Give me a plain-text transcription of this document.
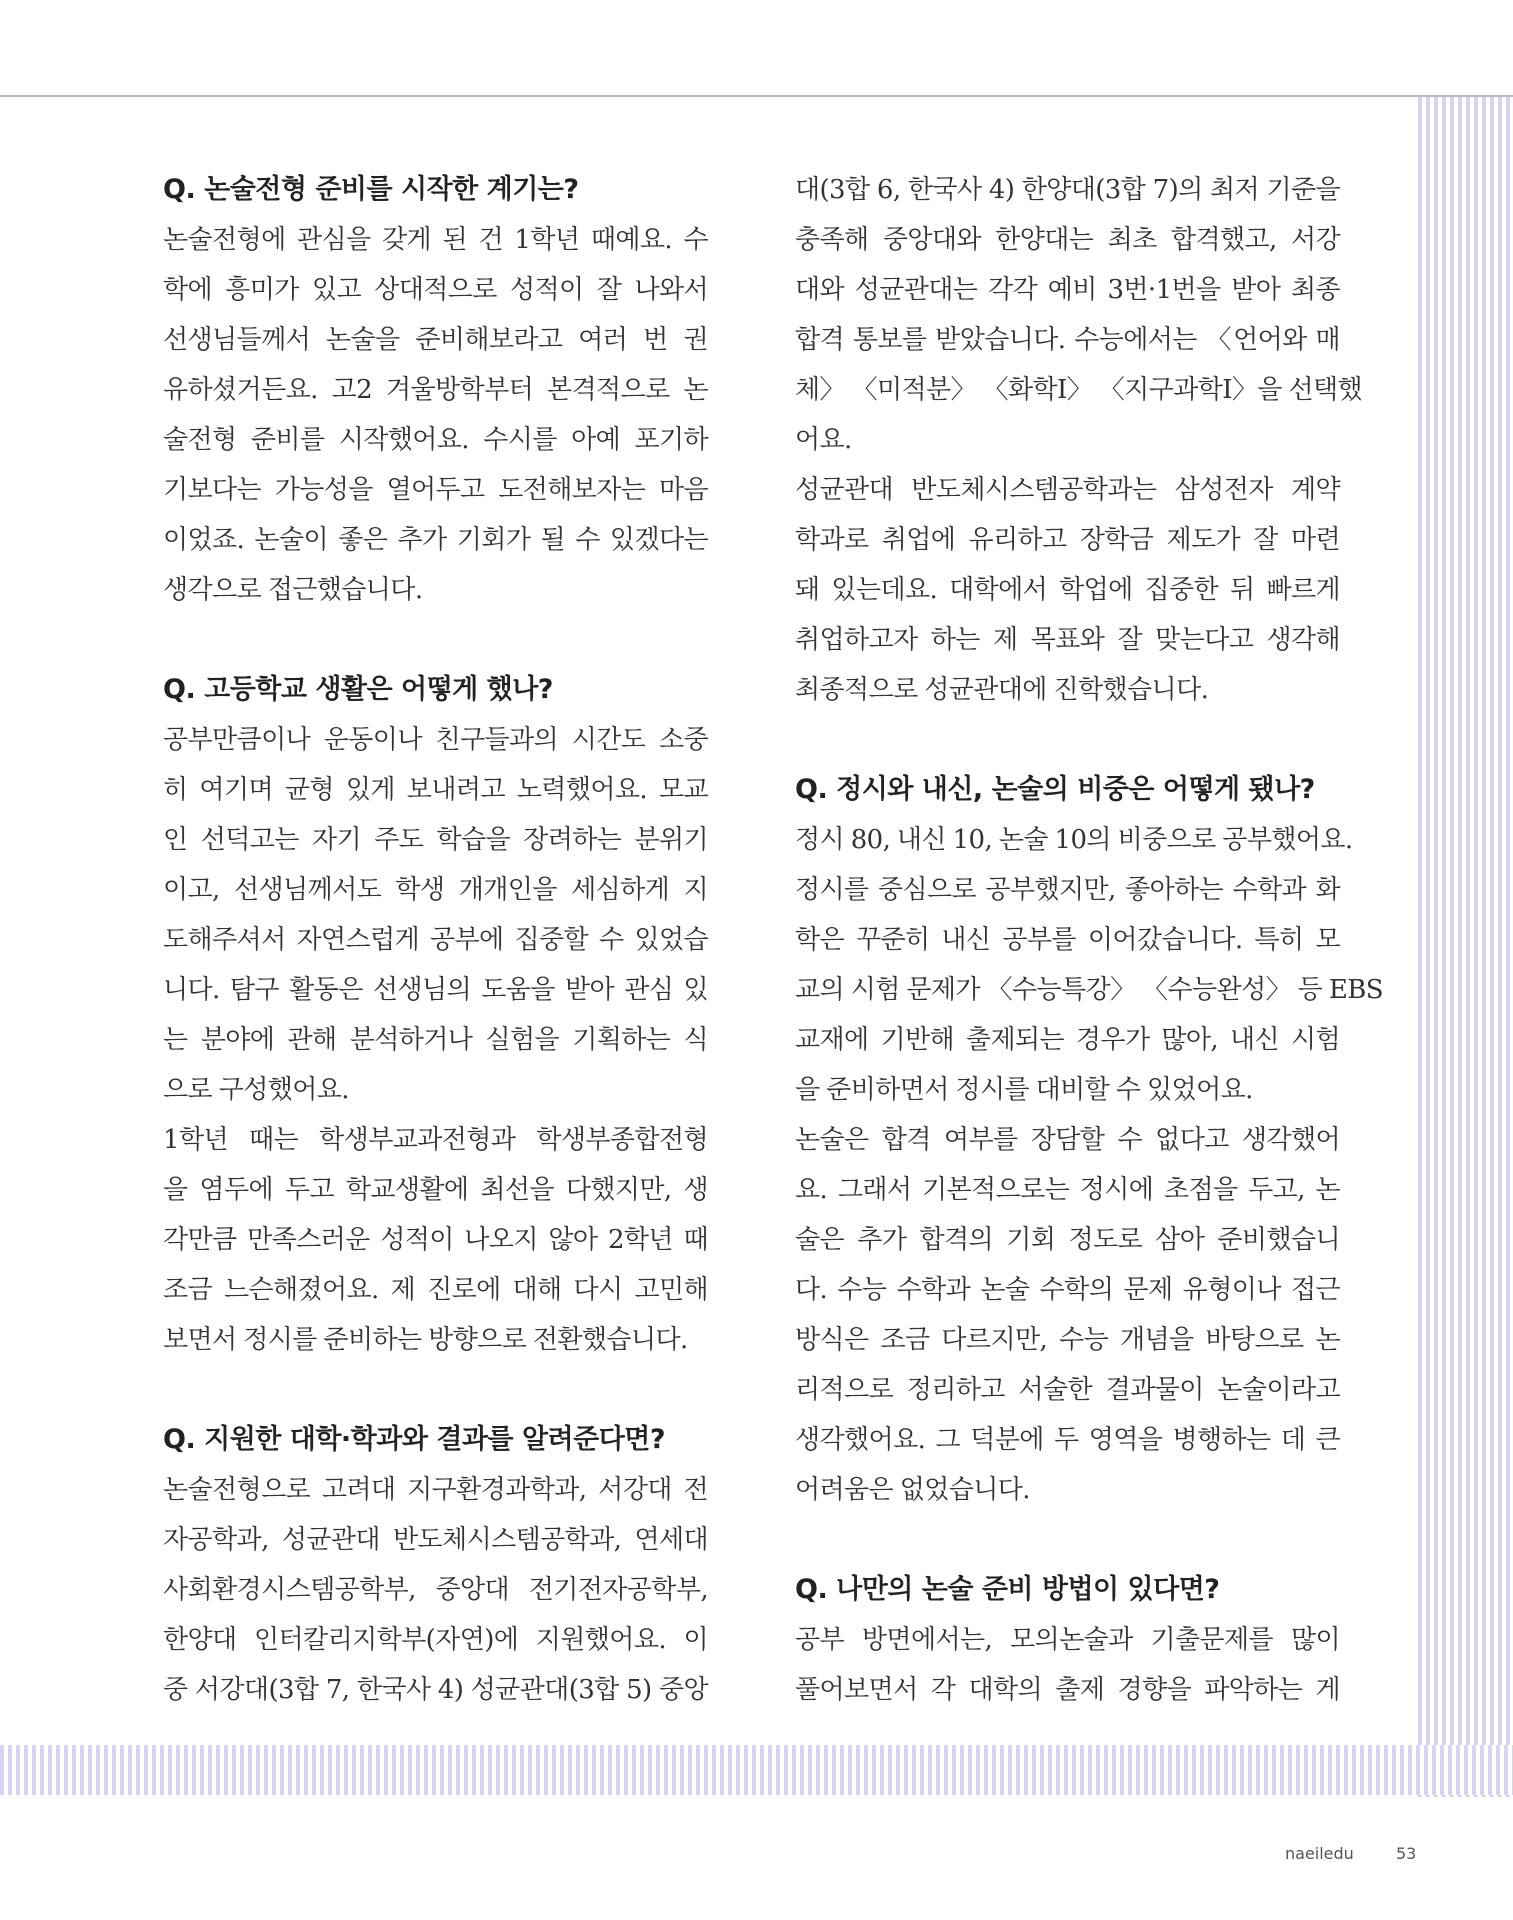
Q. 논술전형 준비를 시작한 계기는?
논술전형에 관심을 갖게 된 건 1학년 때예요. 수
학에 흥미가 있고 상대적으로 성적이 잘 나와서
선생님들께서 논술을 준비해보라고 여러 번 권
유하셨거든요. 고2 겨울방학부터 본격적으로 논
술전형 준비를 시작했어요. 수시를 아예 포기하
기보다는 가능성을 열어두고 도전해보자는 마음
이었죠. 논술이 좋은 추가 기회가 될 수 있겠다는
생각으로 접근했습니다.
Q. 고등학교 생활은 어떻게 했나?
공부만큼이나 운동이나 친구들과의 시간도 소중
히 여기며 균형 있게 보내려고 노력했어요. 모교
인 선덕고는 자기 주도 학습을 장려하는 분위기
이고, 선생님께서도 학생 개개인을 세심하게 지
도해주셔서 자연스럽게 공부에 집중할 수 있었습
니다. 탐구 활동은 선생님의 도움을 받아 관심 있
는 분야에 관해 분석하거나 실험을 기획하는 식
으로 구성했어요.
1학년 때는 학생부교과전형과 학생부종합전형
을 염두에 두고 학교생활에 최선을 다했지만, 생
각만큼 만족스러운 성적이 나오지 않아 2학년 때
조금 느슨해졌어요. 제 진로에 대해 다시 고민해
보면서 정시를 준비하는 방향으로 전환했습니다.
Q. 지원한 대학·학과와 결과를 알려준다면?
논술전형으로 고려대 지구환경과학과, 서강대 전
자공학과, 성균관대 반도체시스템공학과, 연세대
사회환경시스템공학부, 중앙대 전기전자공학부,
한양대 인터칼리지학부(자연)에 지원했어요. 이
중 서강대(3합 7, 한국사 4) 성균관대(3합 5) 중앙
대(3합 6, 한국사 4) 한양대(3합 7)의 최저 기준을
충족해 중앙대와 한양대는 최초 합격했고, 서강
대와 성균관대는 각각 예비 3번·1번을 받아 최종
합격 통보를 받았습니다. 수능에서는 〈언어와 매
체〉 〈미적분〉 〈화학Ⅰ〉 〈지구과학Ⅰ〉을 선택했
어요.
성균관대 반도체시스템공학과는 삼성전자 계약
학과로 취업에 유리하고 장학금 제도가 잘 마련
돼 있는데요. 대학에서 학업에 집중한 뒤 빠르게
취업하고자 하는 제 목표와 잘 맞는다고 생각해
최종적으로 성균관대에 진학했습니다.
Q. 정시와 내신, 논술의 비중은 어떻게 됐나?
정시 80, 내신 10, 논술 10의 비중으로 공부했어요.
정시를 중심으로 공부했지만, 좋아하는 수학과 화
학은 꾸준히 내신 공부를 이어갔습니다. 특히 모
교의 시험 문제가 〈수능특강〉 〈수능완성〉 등 EBS
교재에 기반해 출제되는 경우가 많아, 내신 시험
을 준비하면서 정시를 대비할 수 있었어요.
논술은 합격 여부를 장담할 수 없다고 생각했어
요. 그래서 기본적으로는 정시에 초점을 두고, 논
술은 추가 합격의 기회 정도로 삼아 준비했습니
다. 수능 수학과 논술 수학의 문제 유형이나 접근
방식은 조금 다르지만, 수능 개념을 바탕으로 논
리적으로 정리하고 서술한 결과물이 논술이라고
생각했어요. 그 덕분에 두 영역을 병행하는 데 큰
어려움은 없었습니다.
Q. 나만의 논술 준비 방법이 있다면?
공부 방면에서는, 모의논술과 기출문제를 많이
풀어보면서 각 대학의 출제 경향을 파악하는 게
naeiledu	53
